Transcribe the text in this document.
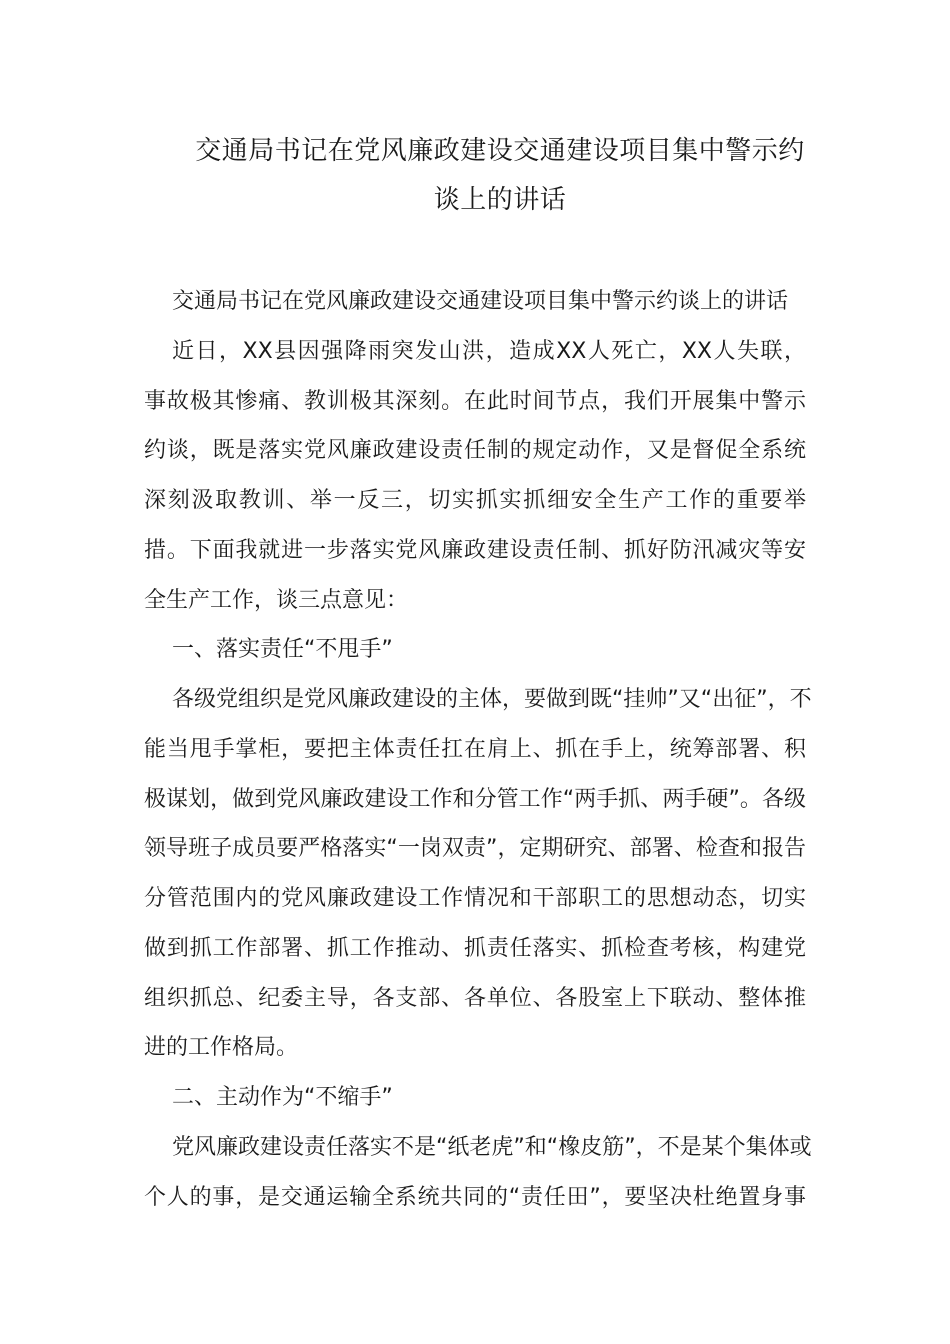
交通局书记在党风廉政建设交通建设项目集中警示约
谈上的讲话
交通局书记在党风廉政建设交通建设项目集中警示约谈上的讲话
近日，XX县因强降雨突发山洪，造成XX人死亡，XX人失联，
事故极其惨痛、教训极其深刻。在此时间节点，我们开展集中警示
约谈，既是落实党风廉政建设责任制的规定动作，又是督促全系统
深刻汲取教训、举一反三，切实抓实抓细安全生产工作的重要举
措。下面我就进一步落实党风廉政建设责任制、抓好防汛减灾等安
全生产工作，谈三点意见：
一、落实责任“不甩手”
各级党组织是党风廉政建设的主体，要做到既“挂帅”又“出征”，不
能当甩手掌柜，要把主体责任扛在肩上、抓在手上，统筹部署、积
极谋划，做到党风廉政建设工作和分管工作“两手抓、两手硬”。各级
领导班子成员要严格落实“一岗双责”，定期研究、部署、检查和报告
分管范围内的党风廉政建设工作情况和干部职工的思想动态，切实
做到抓工作部署、抓工作推动、抓责任落实、抓检查考核，构建党
组织抓总、纪委主导，各支部、各单位、各股室上下联动、整体推
进的工作格局。
二、主动作为“不缩手”
党风廉政建设责任落实不是“纸老虎”和“橡皮筋”，不是某个集体或
个人的事，是交通运输全系统共同的“责任田”，要坚决杜绝置身事
